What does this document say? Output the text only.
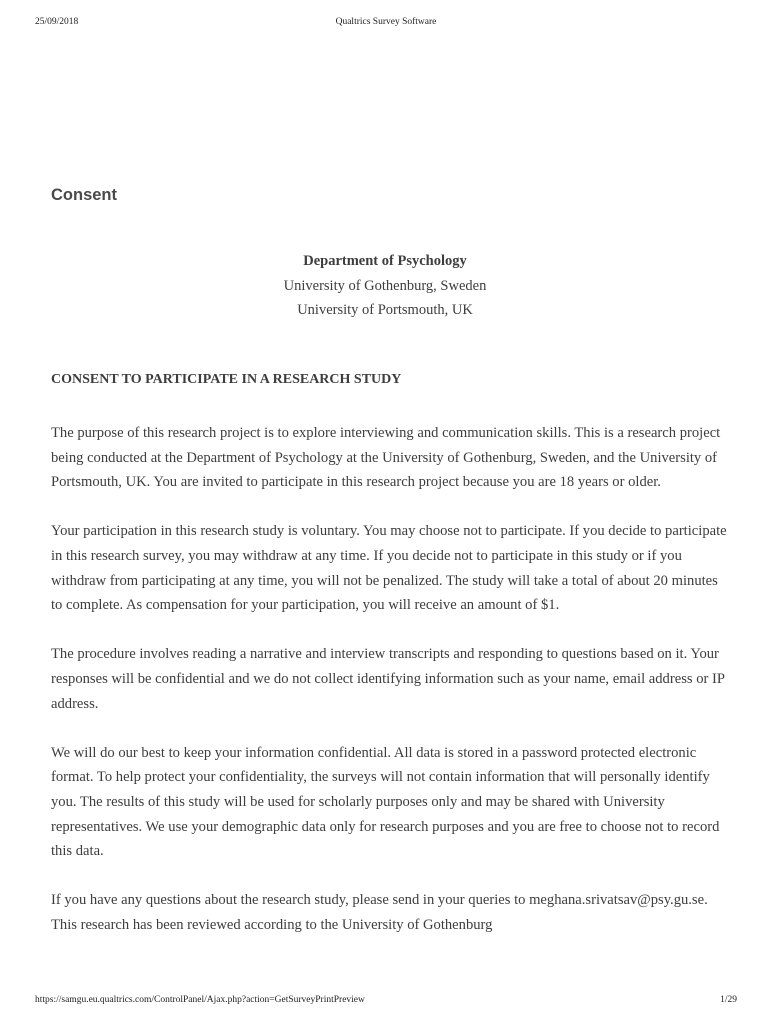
25/09/2018	Qualtrics Survey Software
Consent
Department of Psychology
University of Gothenburg, Sweden
University of Portsmouth, UK
CONSENT TO PARTICIPATE IN A RESEARCH STUDY

The purpose of this research project is to explore interviewing and communication skills. This is a research project being conducted at the Department of Psychology at the University of Gothenburg, Sweden, and the University of Portsmouth, UK. You are invited to participate in this research project because you are 18 years or older.

Your participation in this research study is voluntary. You may choose not to participate. If you decide to participate in this research survey, you may withdraw at any time. If you decide not to participate in this study or if you withdraw from participating at any time, you will not be penalized. The study will take a total of about 20 minutes to complete. As compensation for your participation, you will receive an amount of $1.

The procedure involves reading a narrative and interview transcripts and responding to questions based on it. Your responses will be confidential and we do not collect identifying information such as your name, email address or IP address.

We will do our best to keep your information confidential. All data is stored in a password protected electronic format. To help protect your confidentiality, the surveys will not contain information that will personally identify you. The results of this study will be used for scholarly purposes only and may be shared with University representatives. We use your demographic data only for research purposes and you are free to choose not to record this data.

If you have any questions about the research study, please send in your queries to meghana.srivatsav@psy.gu.se. This research has been reviewed according to the University of Gothenburg

https://samgu.eu.qualtrics.com/ControlPanel/Ajax.php?action=GetSurveyPrintPreview	1/29
